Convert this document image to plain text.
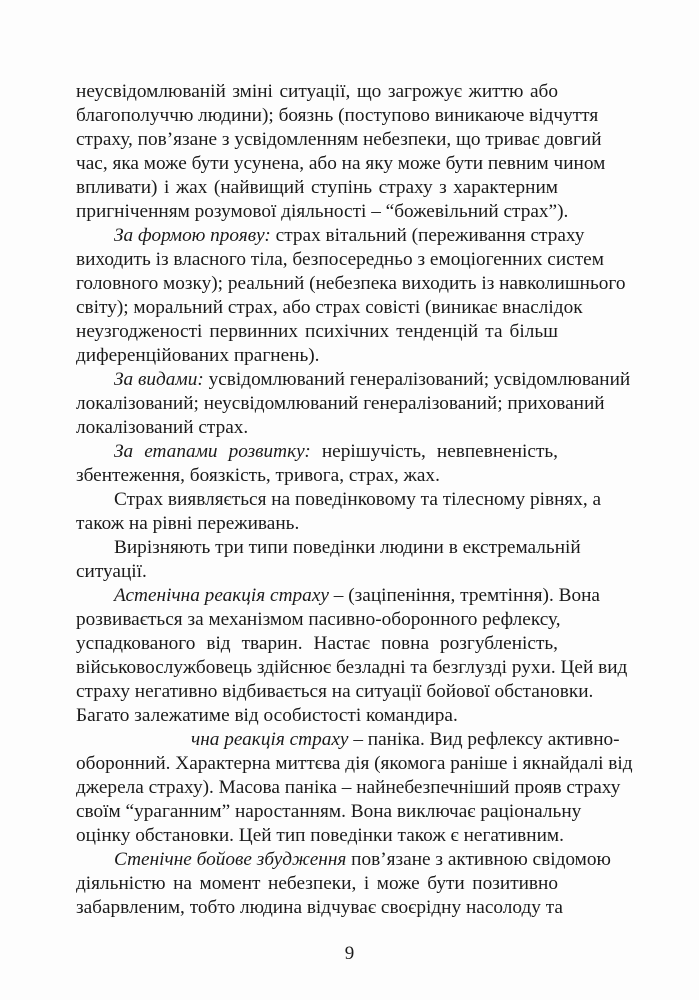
неусвідомлюваній зміні ситуації, що загрожує життю або
благополуччю людини); боязнь (поступово виникаюче відчуття
страху, пов’язане з усвідомленням небезпеки, що триває довгий
час, яка може бути усунена, або на яку може бути певним чином
впливати) і жах (найвищий ступінь страху з характерним
пригніченням розумової діяльності – “божевільний страх”).
За формою прояву: страх вітальний (переживання страху
виходить із власного тіла, безпосередньо з емоціогенних систем
головного мозку); реальний (небезпека виходить із навколишнього
світу); моральний страх, або страх совісті (виникає внаслідок
неузгодженості первинних психічних тенденцій та більш
диференційованих прагнень).
За видами: усвідомлюваний генералізований; усвідомлюваний
локалізований; неусвідомлюваний генералізований; прихований
локалізований страх.
За етапами розвитку: нерішучість, невпевненість,
збентеження, боязкість, тривога, страх, жах.
Страх виявляється на поведінковому та тілесному рівнях, а
також на рівні переживань.
Вирізняють три типи поведінки людини в екстремальній
ситуації.
Астенічна реакція страху – (заціпеніння, тремтіння). Вона
розвивається за механізмом пасивно-оборонного рефлексу,
успадкованого від тварин. Настає повна розгубленість,
військовослужбовець здійснює безладні та безглузді рухи. Цей вид
страху негативно відбивається на ситуації бойової обстановки.
Багато залежатиме від особистості командира.
чна реакція страху – паніка. Вид рефлексу активно-
оборонний. Характерна миттєва дія (якомога раніше і якнайдалі від
джерела страху). Масова паніка – найнебезпечніший прояв страху
своїм “ураганним” наростанням. Вона виключає раціональну
оцінку обстановки. Цей тип поведінки також є негативним.
Стенічне бойове збудження пов’язане з активною свідомою
діяльністю на момент небезпеки, і може бути позитивно
забарвленим, тобто людина відчуває своєрідну насолоду та
9
